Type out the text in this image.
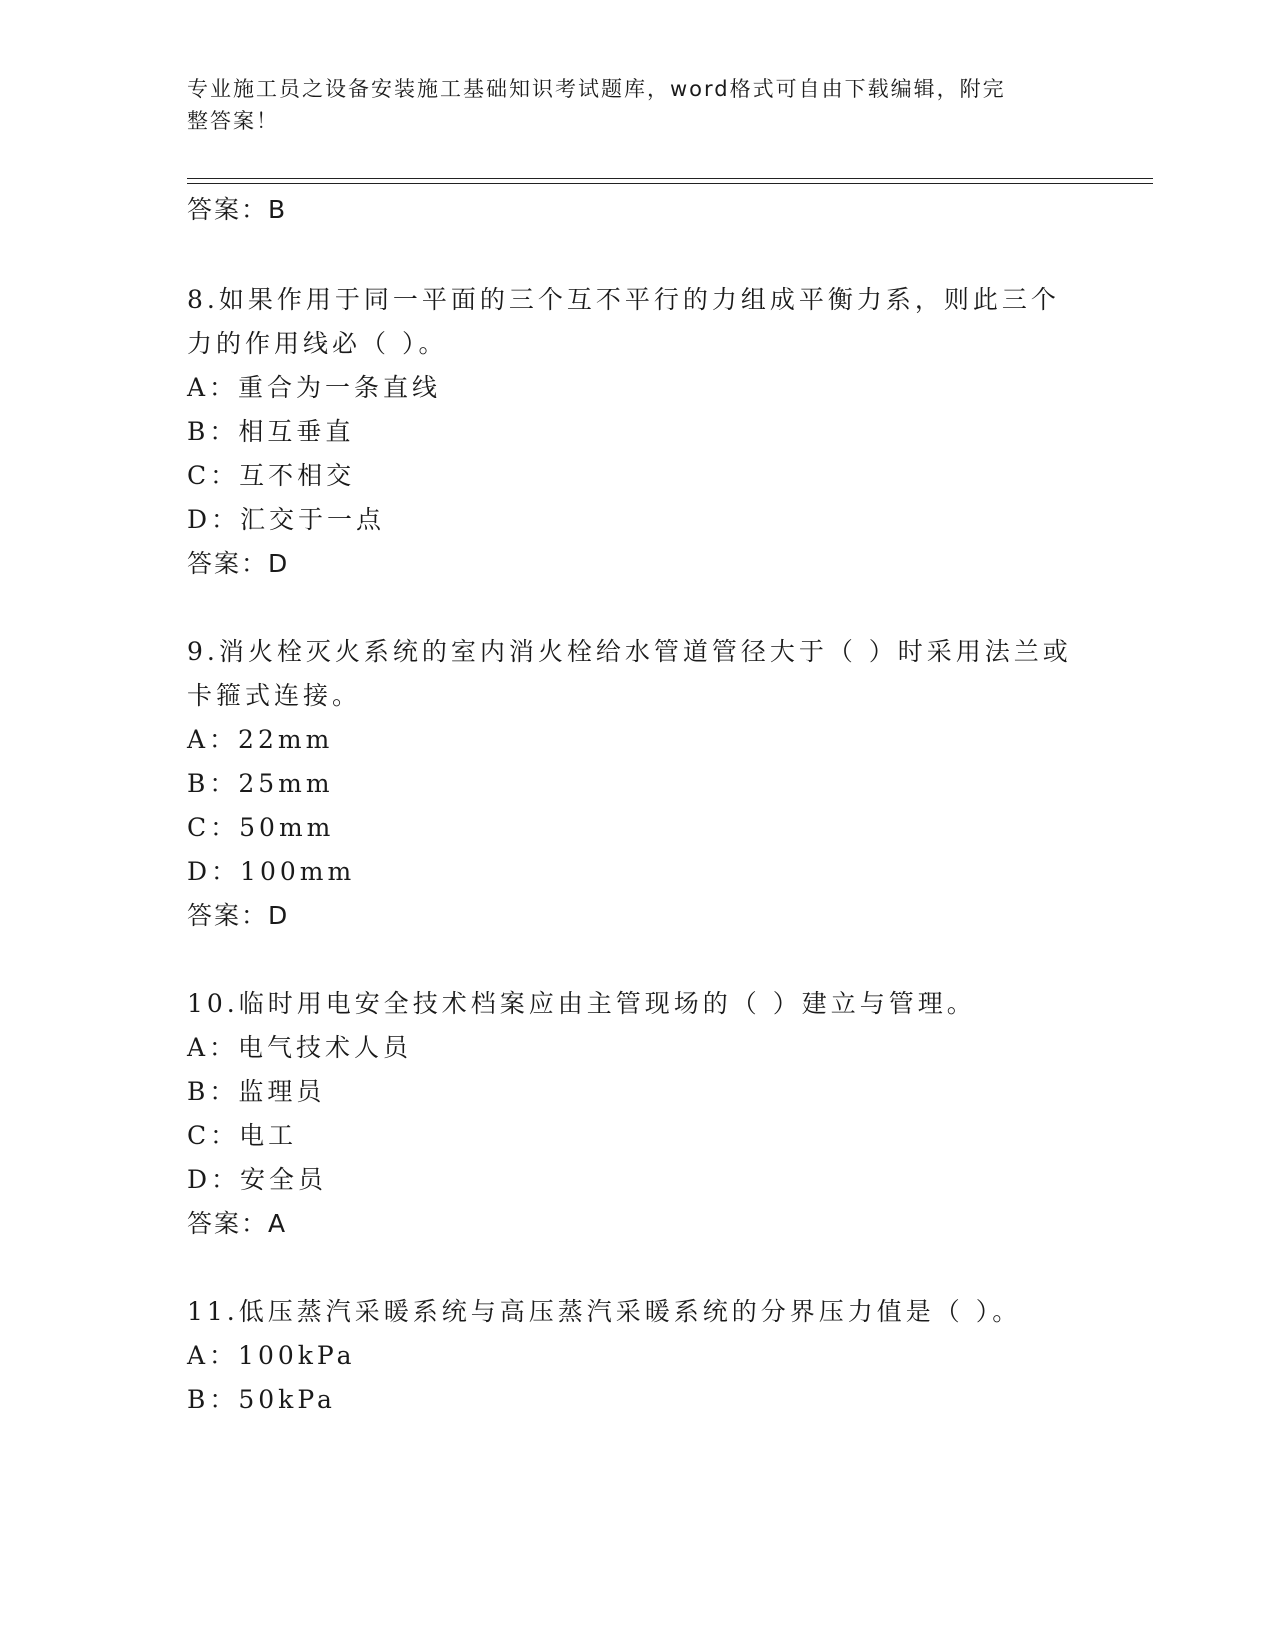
专业施工员之设备安装施工基础知识考试题库，word格式可自由下载编辑，附完
整答案！
答案：B
8.如果作用于同一平面的三个互不平行的力组成平衡力系，则此三个
力的作用线必（ ）。
A：重合为一条直线
B：相互垂直
C：互不相交
D：汇交于一点
答案：D
9.消火栓灭火系统的室内消火栓给水管道管径大于（ ）时采用法兰或
卡箍式连接。
A：22mm
B：25mm
C：50mm
D：100mm
答案：D
10.临时用电安全技术档案应由主管现场的（ ）建立与管理。
A：电气技术人员
B：监理员
C：电工
D：安全员
答案：A
11.低压蒸汽采暖系统与高压蒸汽采暖系统的分界压力值是（ ）。
A：100kPa
B：50kPa
